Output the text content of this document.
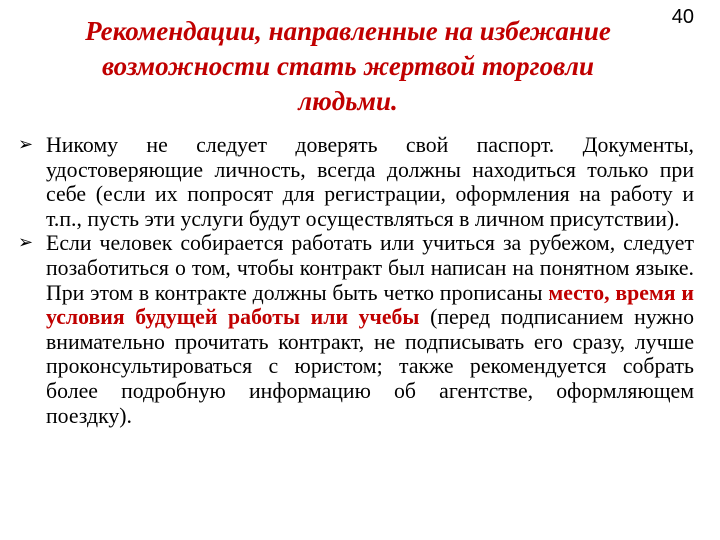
40
Рекомендации, направленные на избежание
возможности стать жертвой торговли
людьми.
➢ Никому не следует доверять свой паспорт. Документы, удостоверяющие личность, всегда должны находиться только при себе (если их попросят для регистрации, оформления на работу и т.п., пусть эти услуги будут осуществляться в личном присутствии).
➢ Если человек собирается работать или учиться за рубежом, следует позаботиться о том, чтобы контракт был написан на понятном языке. При этом в контракте должны быть четко прописаны место, время и условия будущей работы или учебы (перед подписанием нужно внимательно прочитать контракт, не подписывать его сразу, лучше проконсультироваться с юристом; также рекомендуется собрать более подробную информацию об агентстве, оформляющем поездку).
